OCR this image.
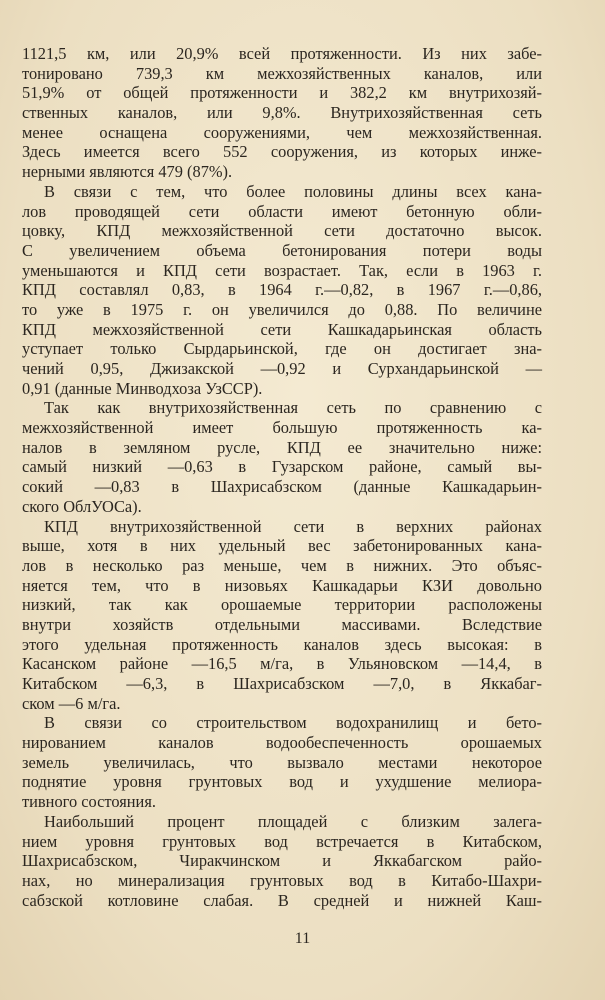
1121,5 км, или 20,9% всей протяженности. Из них забе-
тонировано 739,3 км межхозяйственных каналов, или
51,9% от общей протяженности и 382,2 км внутрихозяй-
ственных каналов, или 9,8%. Внутрихозяйственная сеть
менее оснащена сооружениями, чем межхозяйственная.
Здесь имеется всего 552 сооружения, из которых инже-
нерными являются 479 (87%).
В связи с тем, что более половины длины всех кана-
лов проводящей сети области имеют бетонную обли-
цовку, КПД межхозяйственной сети достаточно высок.
С увеличением объема бетонирования потери воды
уменьшаются и КПД сети возрастает. Так, если в 1963 г.
КПД составлял 0,83, в 1964 г.—0,82, в 1967 г.—0,86,
то уже в 1975 г. он увеличился до 0,88. По величине
КПД межхозяйственной сети Кашкадарьинская область
уступает только Сырдарьинской, где он достигает зна-
чений 0,95, Джизакской —0,92 и Сурхандарьинской —
0,91 (данные Минводхоза УзССР).
Так как внутрихозяйственная сеть по сравнению с
межхозяйственной имеет большую протяженность ка-
налов в земляном русле, КПД ее значительно ниже:
самый низкий —0,63 в Гузарском районе, самый вы-
сокий —0,83 в Шахрисабзском (данные Кашкадарьин-
ского ОблУОСа).
КПД внутрихозяйственной сети в верхних районах
выше, хотя в них удельный вес забетонированных кана-
лов в несколько раз меньше, чем в нижних. Это объяс-
няется тем, что в низовьях Кашкадарьи КЗИ довольно
низкий, так как орошаемые территории расположены
внутри хозяйств отдельными массивами. Вследствие
этого удельная протяженность каналов здесь высокая: в
Касанском районе —16,5 м/га, в Ульяновском —14,4, в
Китабском —6,3, в Шахрисабзском —7,0, в Яккабаг-
ском —6 м/га.
В связи со строительством водохранилищ и бето-
нированием каналов водообеспеченность орошаемых
земель увеличилась, что вызвало местами некоторое
поднятие уровня грунтовых вод и ухудшение мелиора-
тивного состояния.
Наибольший процент площадей с близким залега-
нием уровня грунтовых вод встречается в Китабском,
Шахрисабзском, Чиракчинском и Яккабагском райо-
нах, но минерализация грунтовых вод в Китабо-Шахри-
сабзской котловине слабая. В средней и нижней Каш-
11
